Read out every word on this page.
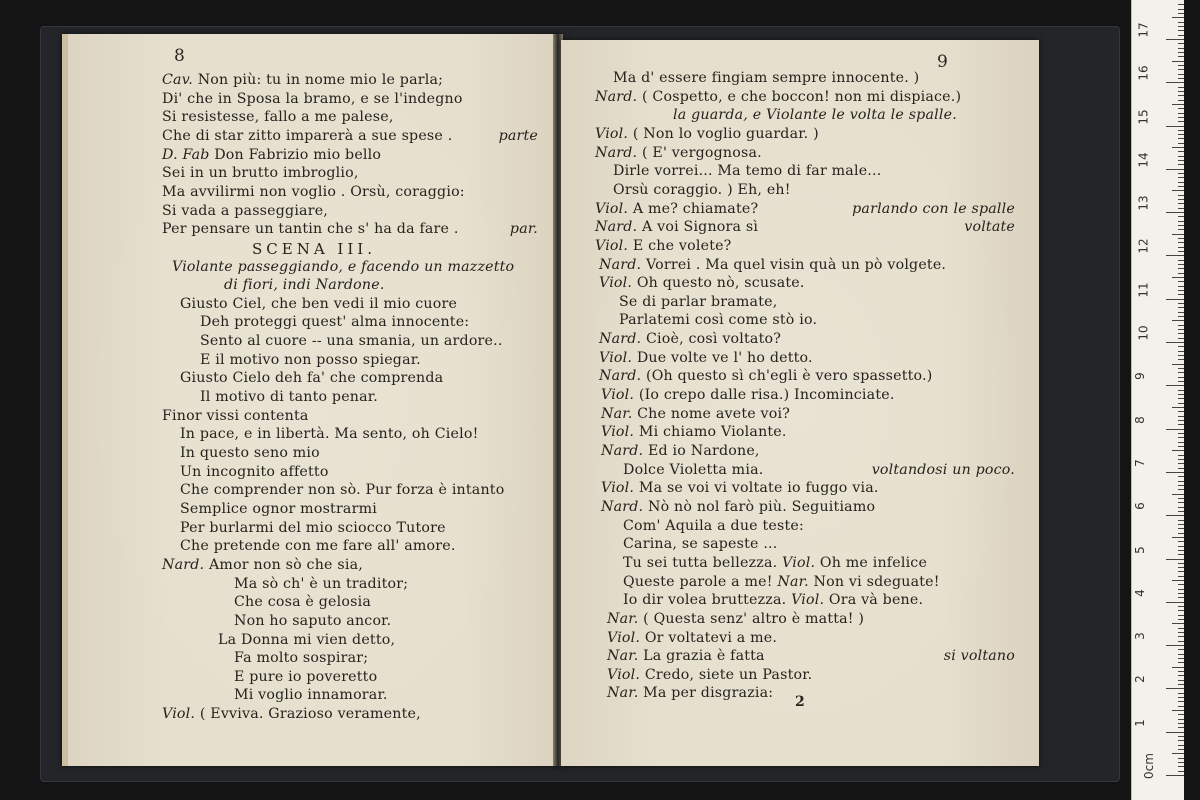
8
Cav. Non più: tu in nome mio le parla;
Di' che in Sposa la bramo, e se l'indegno
Si resistesse, fallo a me palese,
Che di star zitto imparerà a sue spese .	parte
D. Fab Don Fabrizio mio bello
Sei in un brutto imbroglio,
Ma avvilirmi non voglio . Orsù, coraggio:
Si vada a passeggiare,
Per pensare un tantin che s' ha da fare .	par.
SCENA III.
Violante passeggiando, e facendo un mazzetto
di fiori, indi Nardone.
Giusto Ciel, che ben vedi il mio cuore
Deh proteggi quest' alma innocente:
Sento al cuore -- una smania, un ardore..
E il motivo non posso spiegar.
Giusto Cielo deh fa' che comprenda
Il motivo di tanto penar.
Finor vissi contenta
In pace, e in libertà. Ma sento, oh Cielo!
In questo seno mio
Un incognito affetto
Che comprender non sò. Pur forza è intanto
Semplice ognor mostrarmi
Per burlarmi del mio sciocco Tutore
Che pretende con me fare all' amore.
Nard. Amor non sò che sia,
Ma sò ch' è un traditor;
Che cosa è gelosia
Non ho saputo ancor.
La Donna mi vien detto,
Fa molto sospirar;
E pure io poveretto
Mi voglio innamorar.
Viol. ( Evviva. Grazioso veramente,
9
Ma d' essere fingiam sempre innocente. )
Nard. ( Cospetto, e che boccon! non mi dispiace.)
la guarda, e Violante le volta le spalle.
Viol. ( Non lo voglio guardar. )
Nard. ( E' vergognosa.
Dirle vorrei... Ma temo di far male...
Orsù coraggio. ) Eh, eh!
Viol. A me? chiamate?	parlando con le spalle
Nard. A voi Signora sì	voltate
Viol. E che volete?
Nard. Vorrei . Ma quel visin quà un pò volgete.
Viol. Oh questo nò, scusate.
Se di parlar bramate,
Parlatemi così come stò io.
Nard. Cioè, così voltato?
Viol. Due volte ve l' ho detto.
Nard. (Oh questo sì ch'egli è vero spassetto.)
Viol. (Io crepo dalle risa.) Incominciate.
Nar. Che nome avete voi?
Viol. Mi chiamo Violante.
Nard. Ed io Nardone,
Dolce Violetta mia.	voltandosi un poco.
Viol. Ma se voi vi voltate io fuggo via.
Nard. Nò nò nol farò più. Seguitiamo
Com' Aquila a due teste:
Carina, se sapeste ...
Tu sei tutta bellezza. Viol. Oh me infelice
Queste parole a me! Nar. Non vi sdeguate!
Io dir volea bruttezza. Viol. Ora và bene.
Nar. ( Questa senz' altro è matta! )
Viol. Or voltatevi a me.
Nar. La grazia è fatta	si voltano
Viol. Credo, siete un Pastor.
Nar. Ma per disgrazia:
2
0cm
1
2
3
4
5
6
7
8
9
10
11
12
13
14
15
16
17
